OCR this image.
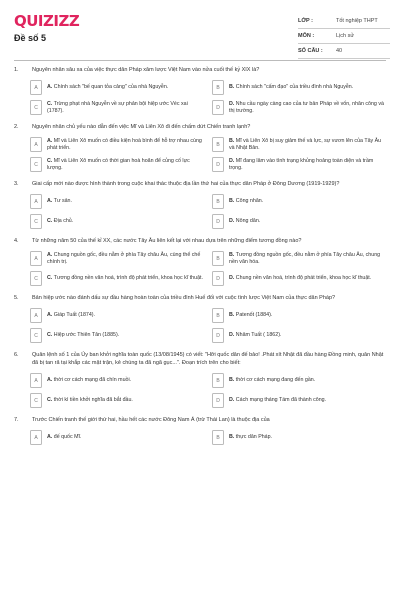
QUIZIZZ
Đề số 5
LỚP :	Tốt nghiệp THPT
MÔN :	Lịch sử
SỐ CÂU :	40
1.	Nguyên nhân sâu xa của việc thực dân Pháp xâm lược Việt Nam vào nửa cuối thế kỷ XIX là?
A	A. Chính sách "bế quan tỏa cảng" của nhà Nguyễn.	B	B. Chính sách "cấm đạo" của triều đình nhà Nguyễn.
C
C. Trừng phạt nhà Nguyễn về sự phản bội hiệp ước Véc xai (1787).	D
D. Nhu cầu ngày càng cao của tư bản Pháp về vốn, nhân công và thị trường.
2.	Nguyên nhân chủ yếu nào dẫn đến việc Mĩ và Liên Xô đi đến chấm dứt Chiến tranh lạnh?
A
A. Mĩ và Liên Xô muốn có điều kiện hoà bình để hỗ trợ nhau cùng phát triển.	B
B. Mĩ và Liên Xô bị suy giảm thế và lực, sự vươn lên của Tây Âu và Nhật Bản.
C
C. Mĩ và Liên Xô muốn có thời gian hoà hoãn để củng cố lực lượng.	D
D. Mĩ đang lâm vào tình trạng khủng hoảng toàn diện và trầm trọng.
3.	Giai cấp mới nào được hình thành trong cuộc khai thác thuộc địa lần thứ hai của thực dân Pháp ở Đông Dương (1919-1929)?
A	A. Tư sản.	B	B. Công nhân.
C	C. Địa chủ.	D	D. Nông dân.
4.	Từ những năm 50 của thế kỉ XX, các nước Tây Âu liên kết lại với nhau dựa trên những điểm tương đồng nào?
A
A. Chung nguồn gốc, đều nằm ở phía Tây châu Âu, cùng thể chế chính trị.	B
B. Tương đồng nguồn gốc, đều nằm ở phía Tây châu Âu, chung nền văn hóa.
C	C. Tương đồng nền văn hoá, trình độ phát triển, khoa học kĩ thuật.	D	D. Chung nền văn hoá, trình độ phát triển, khoa học kĩ thuật.
5.	Bản hiệp ước nào đánh dấu sự đầu hàng hoàn toàn của triều đình Huế đối với cuộc tình lược Việt Nam của thực dân Pháp?
A	A. Giáp Tuất (1874).	B	B. Patenốt (1884).
C	C. Hiệp ước Thiên Tân (1885).	D	D. Nhâm Tuất ( 1862).
6.	Quân lệnh số 1 của Ủy ban khởi nghĩa toàn quốc (13/08/1945) có viết: "Hỡi quốc dân đế bảo! .Phát xít Nhật đã đầu hàng Đồng minh, quân Nhật đã bị tan rã tại khắp các mặt trận, kẻ chúng ta đã ngã gục...". Đoạn trích trên cho biết:
A	A. thời cơ cách mạng đã chín muồi.	B	B. thời cơ cách mạng đang đến gần.
C	C. thời kì tiền khởi nghĩa đã bắt đầu.	D	D. Cách mạng tháng Tám đã thành công.
7.	Trước Chiến tranh thế giới thứ hai, hầu hết các nước Đông Nam Á (trừ Thái Lan) là thuộc địa của
A	A. đế quốc Mĩ.	B	B. thực dân Pháp.
